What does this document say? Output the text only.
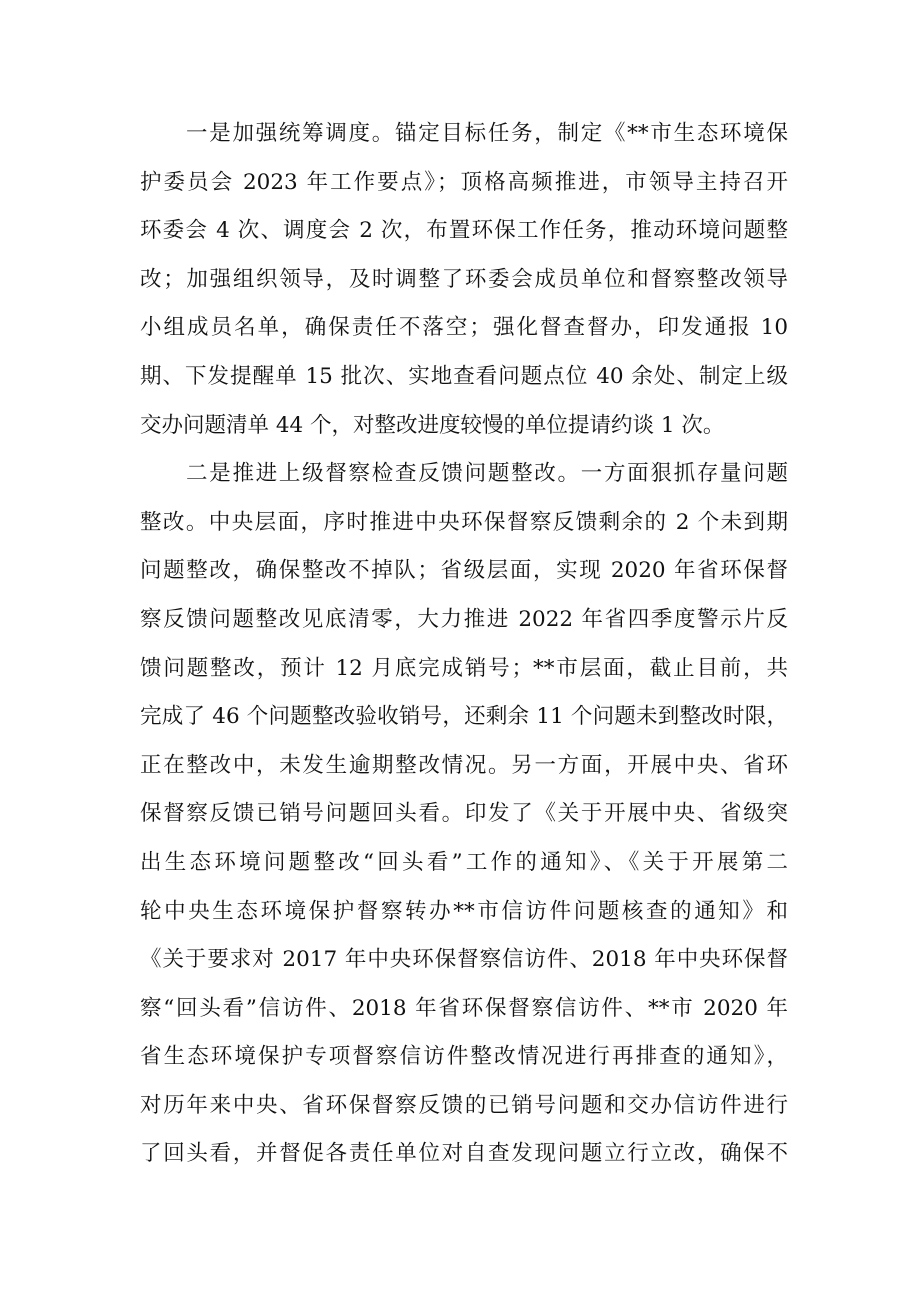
一是加强统筹调度。锚定目标任务，制定《**市生态环境保
护委员会 2023 年工作要点》；顶格高频推进，市领导主持召开
环委会 4 次、调度会 2 次，布置环保工作任务，推动环境问题整
改；加强组织领导，及时调整了环委会成员单位和督察整改领导
小组成员名单，确保责任不落空；强化督查督办，印发通报 10
期、下发提醒单 15 批次、实地查看问题点位 40 余处、制定上级
交办问题清单 44 个，对整改进度较慢的单位提请约谈 1 次。
二是推进上级督察检查反馈问题整改。一方面狠抓存量问题
整改。中央层面，序时推进中央环保督察反馈剩余的 2 个未到期
问题整改，确保整改不掉队；省级层面，实现 2020 年省环保督
察反馈问题整改见底清零，大力推进 2022 年省四季度警示片反
馈问题整改，预计 12 月底完成销号；**市层面，截止目前，共
完成了 46 个问题整改验收销号，还剩余 11 个问题未到整改时限，
正在整改中，未发生逾期整改情况。另一方面，开展中央、省环
保督察反馈已销号问题回头看。印发了《关于开展中央、省级突
出生态环境问题整改“回头看”工作的通知》、《关于开展第二
轮中央生态环境保护督察转办**市信访件问题核查的通知》和
《关于要求对 2017 年中央环保督察信访件、2018 年中央环保督
察“回头看”信访件、2018 年省环保督察信访件、**市 2020 年
省生态环境保护专项督察信访件整改情况进行再排查的通知》，
对历年来中央、省环保督察反馈的已销号问题和交办信访件进行
了回头看，并督促各责任单位对自查发现问题立行立改，确保不
